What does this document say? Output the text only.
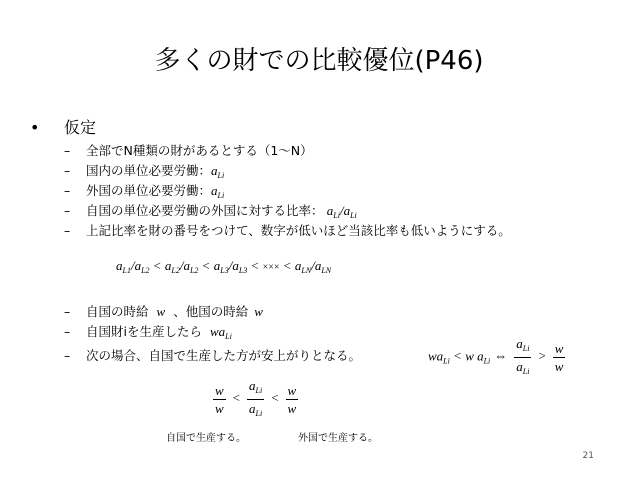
多くの財での比較優位(P46)
• 仮定
– 全部でN種類の財があるとする（1〜N）
– 国内の単位必要労働：$a_{Li}$
– 外国の単位必要労働：$a_{Li}$
– 自国の単位必要労働の外国に対する比率： $a_{Li}/a_{Li}$
– 上記比率を財の番号をつけて、数字が低いほど当該比率も低いようにする。
$a_{L1}/a_{L2} < a_{L2}/a_{L2} < a_{L3}/a_{L3}$ < ××× < $a_{LN}/a_{LN}$
– 自国の時給 w 、他国の時給 w
– 自国財iを生産したら $wa_{Li}$
– 次の場合、自国で生産した方が安上がりとなる。	$wa_{Li} < w$ $a_{Li}$ ⇔ $\frac{a_{Li}}{a_{Li}} > \frac{w}{w}$
$\frac{w}{w} < \frac{a_{Li}}{a_{Li}} < \frac{w}{w}$
自国で生産する。	外国で生産する。
21
